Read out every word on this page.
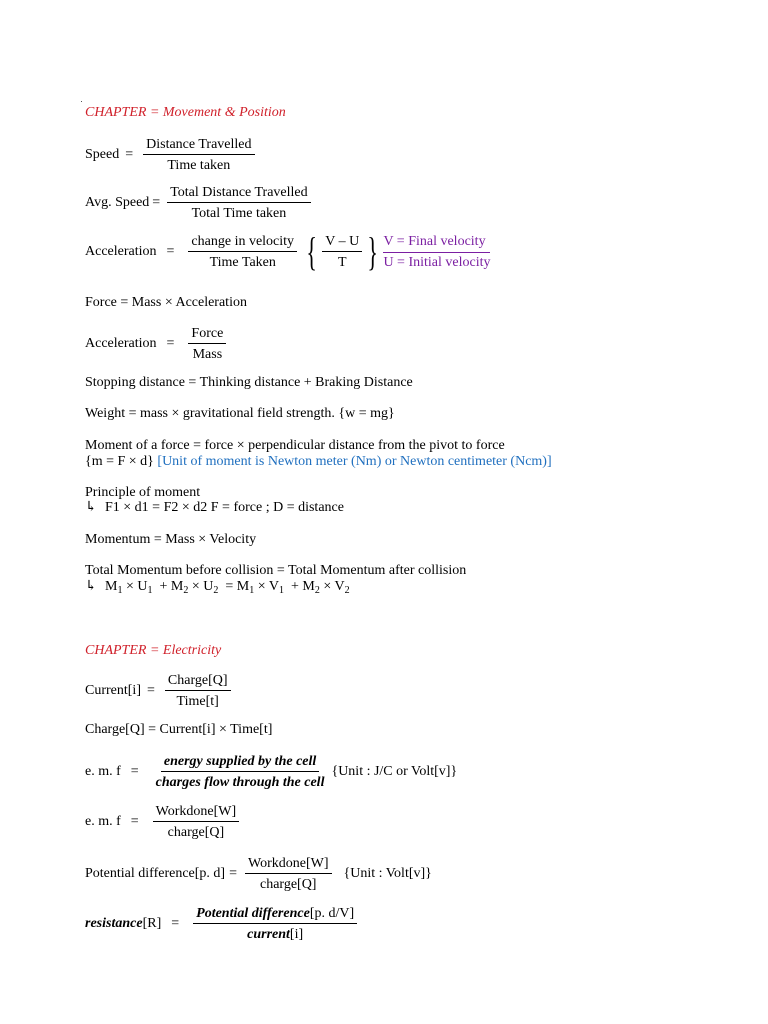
CHAPTER = Movement & Position
Speed = $\frac{\text{Distance Travelled}}{\text{Time taken}}$
Avg. Speed = $\frac{\text{Total Distance Travelled}}{\text{Total Time taken}}$
Acceleration = $\frac{\text{change in velocity}}{\text{Time Taken}}$ { $\frac{V - U}{T}$ } V = Final velocity
U = Initial velocity
Force = Mass × Acceleration
Acceleration = $\frac{\text{Force}}{\text{Mass}}$
Stopping distance = Thinking distance + Braking Distance
Weight = mass × gravitational field strength. {w = mg}
Moment of a force = force × perpendicular distance from the pivot to force
{m = F × d} [Unit of moment is Newton meter (Nm) or Newton centimeter (Ncm)]
Principle of moment
↳ F1 × d1 = F2 × d2 F = force ; D = distance
Momentum = Mass × Velocity
Total Momentum before collision = Total Momentum after collision
↳ $M_1 \times U_1 + M_2 \times U_2 = M_1 \times V_1 + M_2 \times V_2$
CHAPTER = Electricity
Current[i] = $\frac{\text{Charge[Q]}}{\text{Time[t]}}$
Charge[Q] = Current[i] × Time[t]
e. m. $f = \frac{\text{energy supplied by the cell}}{\text{charges flow through the cell}}$ {Unit : J/C or Volt[v]}
e. m. $f = \frac{\text{Workdone[W]}}{\text{charge[Q]}}$
Potential difference[p. $d] = \frac{\text{Workdone[W]}}{\text{charge[Q]}}$ {Unit : Volt[v]}
resistance[R] = $\frac{\text{Potential difference[p. d/V]}}{\text{current[i]}}$
